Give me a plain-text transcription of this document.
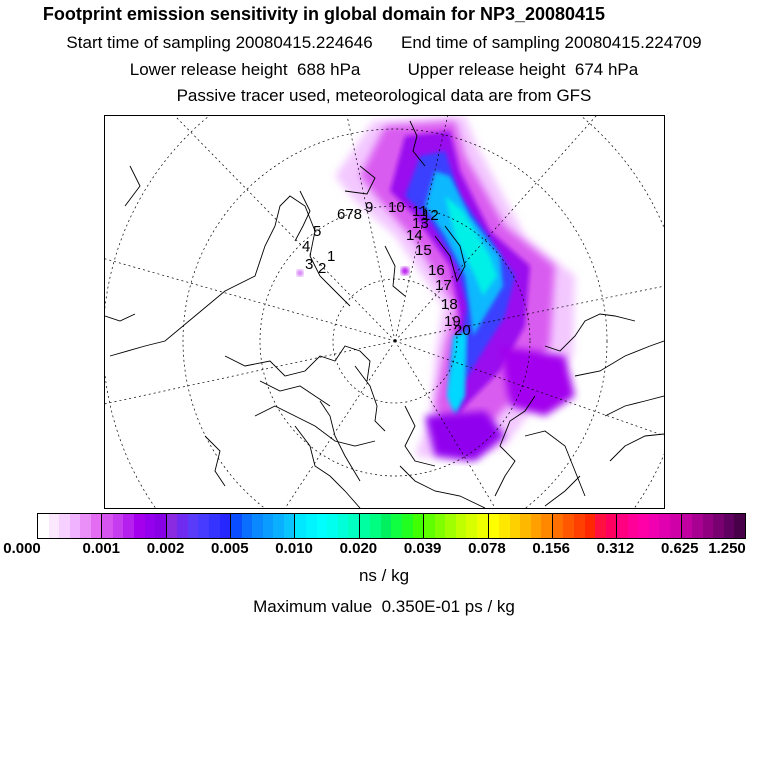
Footprint emission sensitivity in global domain for NP3_20080415
Start time of sampling 20080415.224646 End time of sampling 20080415.224709
Lower release height 688 hPa	Upper release height 674 hPa
Passive tracer used, meteorological data are from GFS
1
2
3
4
5
678 9 10 11
12
13
14
15
16
17
18
19
20
0.000	0.001 0.002 0.005 0.010 0.020 0.039 0.078 0.156 0.312 0.625 1.250
ns / kg
Maximum value 0.350E-01 ps / kg
